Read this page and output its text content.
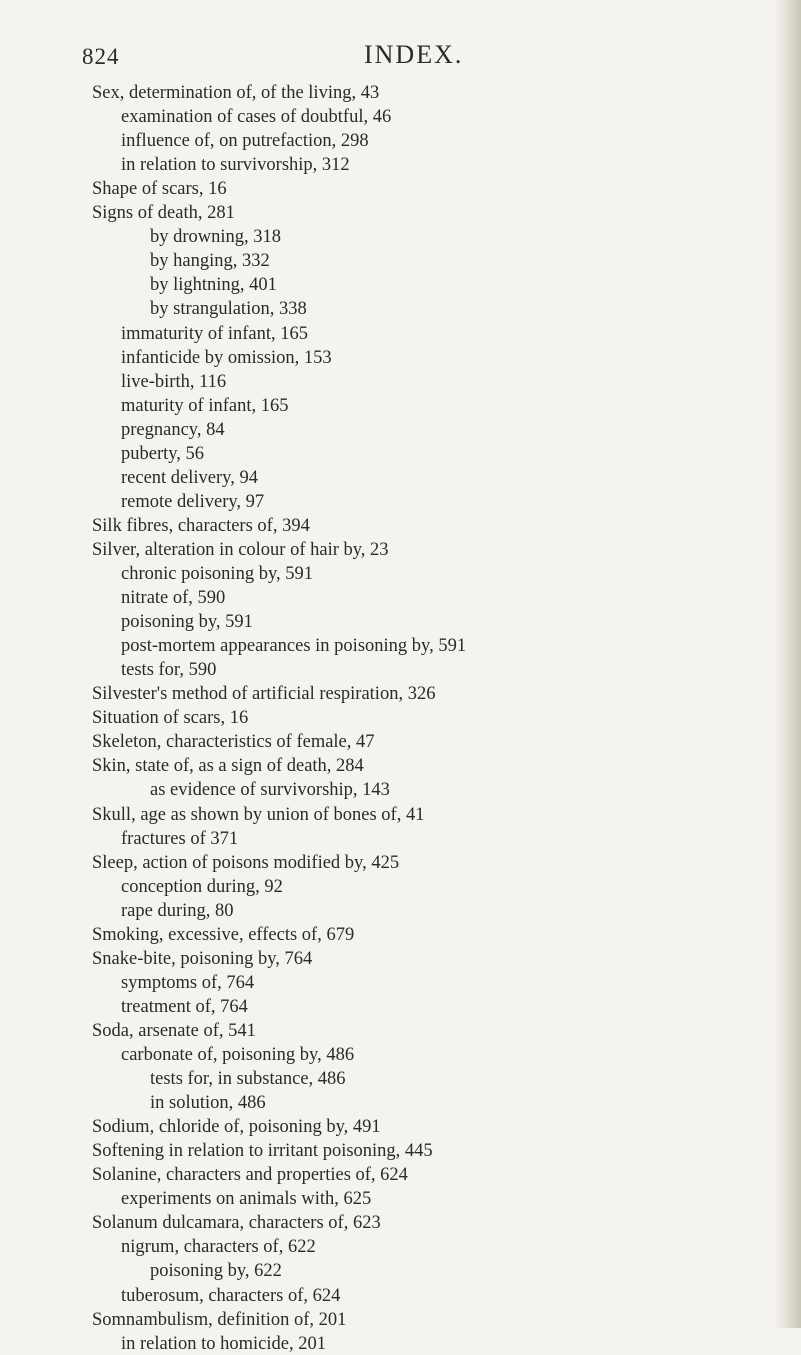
824	INDEX.
Sex, determination of, of the living, 43
examination of cases of doubtful, 46
influence of, on putrefaction, 298
in relation to survivorship, 312
Shape of scars, 16
Signs of death, 281
by drowning, 318
by hanging, 332
by lightning, 401
by strangulation, 338
immaturity of infant, 165
infanticide by omission, 153
live-birth, 116
maturity of infant, 165
pregnancy, 84
puberty, 56
recent delivery, 94
remote delivery, 97
Silk fibres, characters of, 394
Silver, alteration in colour of hair by, 23
chronic poisoning by, 591
nitrate of, 590
poisoning by, 591
post-mortem appearances in poisoning by, 591
tests for, 590
Silvester's method of artificial respiration, 326
Situation of scars, 16
Skeleton, characteristics of female, 47
Skin, state of, as a sign of death, 284
as evidence of survivorship, 143
Skull, age as shown by union of bones of, 41
fractures of 371
Sleep, action of poisons modified by, 425
conception during, 92
rape during, 80
Smoking, excessive, effects of, 679
Snake-bite, poisoning by, 764
symptoms of, 764
treatment of, 764
Soda, arsenate of, 541
carbonate of, poisoning by, 486
tests for, in substance, 486
in solution, 486
Sodium, chloride of, poisoning by, 491
Softening in relation to irritant poisoning, 445
Solanine, characters and properties of, 624
experiments on animals with, 625
Solanum dulcamara, characters of, 623
nigrum, characters of, 622
poisoning by, 622
tuberosum, characters of, 624
Somnambulism, definition of, 201
in relation to homicide, 201
